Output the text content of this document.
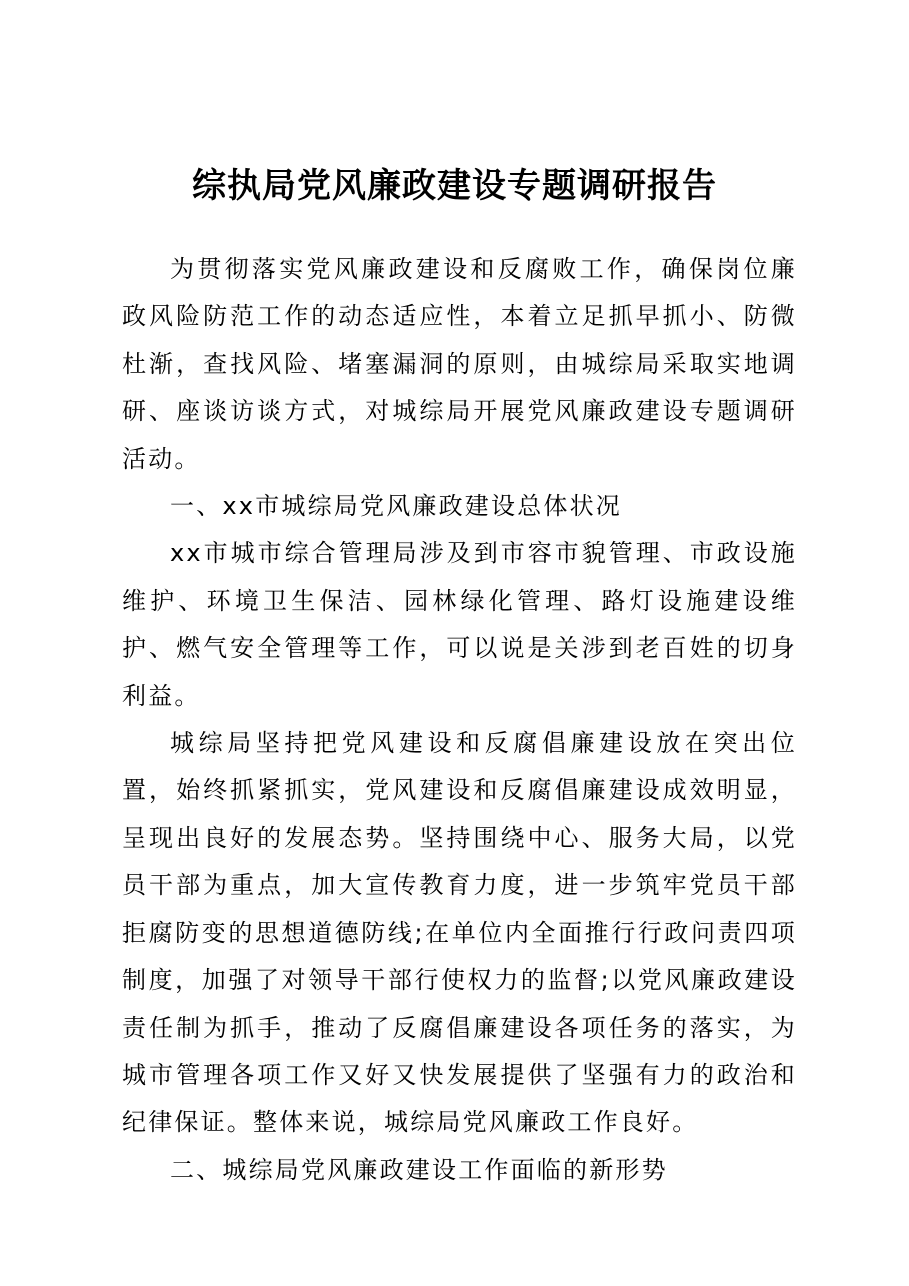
综执局党风廉政建设专题调研报告

为贯彻落实党风廉政建设和反腐败工作，确保岗位廉政风险防范工作的动态适应性，本着立足抓早抓小、防微杜渐，查找风险、堵塞漏洞的原则，由城综局采取实地调研、座谈访谈方式，对城综局开展党风廉政建设专题调研活动。

一、xx市城综局党风廉政建设总体状况

xx市城市综合管理局涉及到市容市貌管理、市政设施维护、环境卫生保洁、园林绿化管理、路灯设施建设维护、燃气安全管理等工作，可以说是关涉到老百姓的切身利益。

城综局坚持把党风建设和反腐倡廉建设放在突出位置，始终抓紧抓实，党风建设和反腐倡廉建设成效明显，呈现出良好的发展态势。坚持围绕中心、服务大局，以党员干部为重点，加大宣传教育力度，进一步筑牢党员干部拒腐防变的思想道德防线;在单位内全面推行行政问责四项制度，加强了对领导干部行使权力的监督;以党风廉政建设责任制为抓手，推动了反腐倡廉建设各项任务的落实，为城市管理各项工作又好又快发展提供了坚强有力的政治和纪律保证。整体来说，城综局党风廉政工作良好。

二、城综局党风廉政建设工作面临的新形势
